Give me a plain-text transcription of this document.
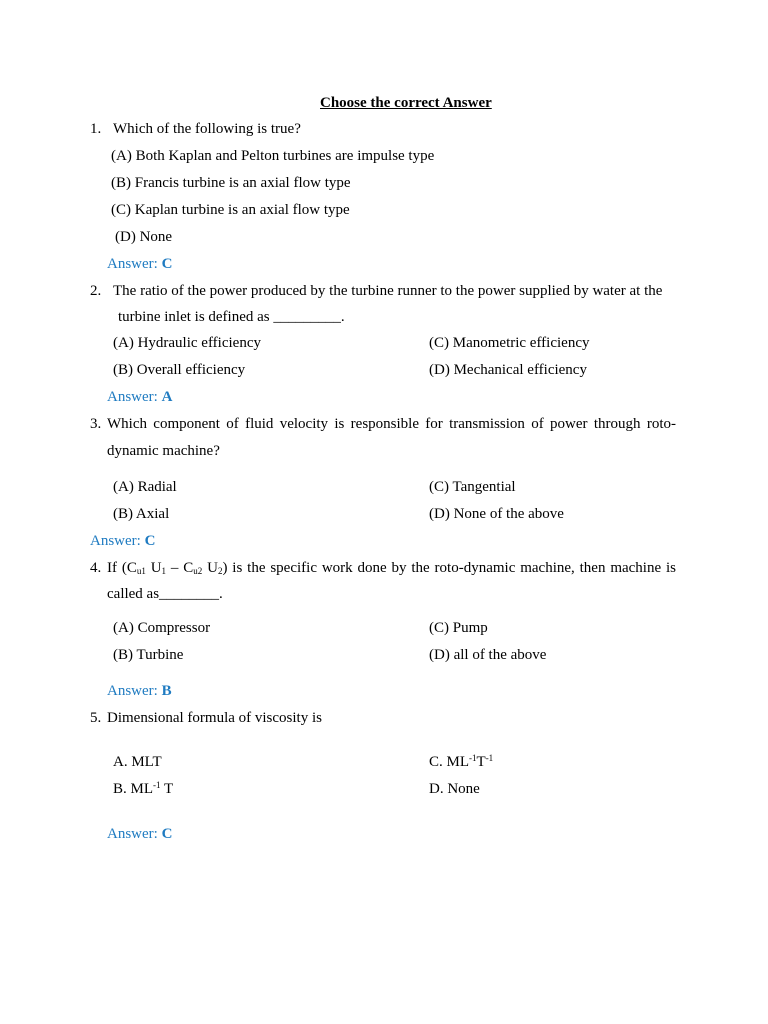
Choose the correct Answer
1. Which of the following is true?
(A) Both Kaplan and Pelton turbines are impulse type
(B) Francis turbine is an axial flow type
(C) Kaplan turbine is an axial flow type
(D) None
Answer: C
2. The ratio of the power produced by the turbine runner to the power supplied by water at the
turbine inlet is defined as _________.
(A) Hydraulic efficiency	(C) Manometric efficiency
(B) Overall efficiency	(D) Mechanical efficiency
Answer: A
3. Which component of fluid velocity is responsible for transmission of power through roto-
dynamic machine?
(A) Radial	(C) Tangential
(B) Axial	(D) None of the above
Answer: C
4. If ($C_{u1}$ $U_1 - C_{u2}$ $U_2$) is the specific work done by the roto-dynamic machine, then machine is
called as________.
(A) Compressor	(C) Pump
(B) Turbine	(D) all of the above
Answer: B
5. Dimensional formula of viscosity is
A. MLT	C. $ML^{-1}T^{-1}$
B. $ML^{-1}$ T	D. None
Answer: C
